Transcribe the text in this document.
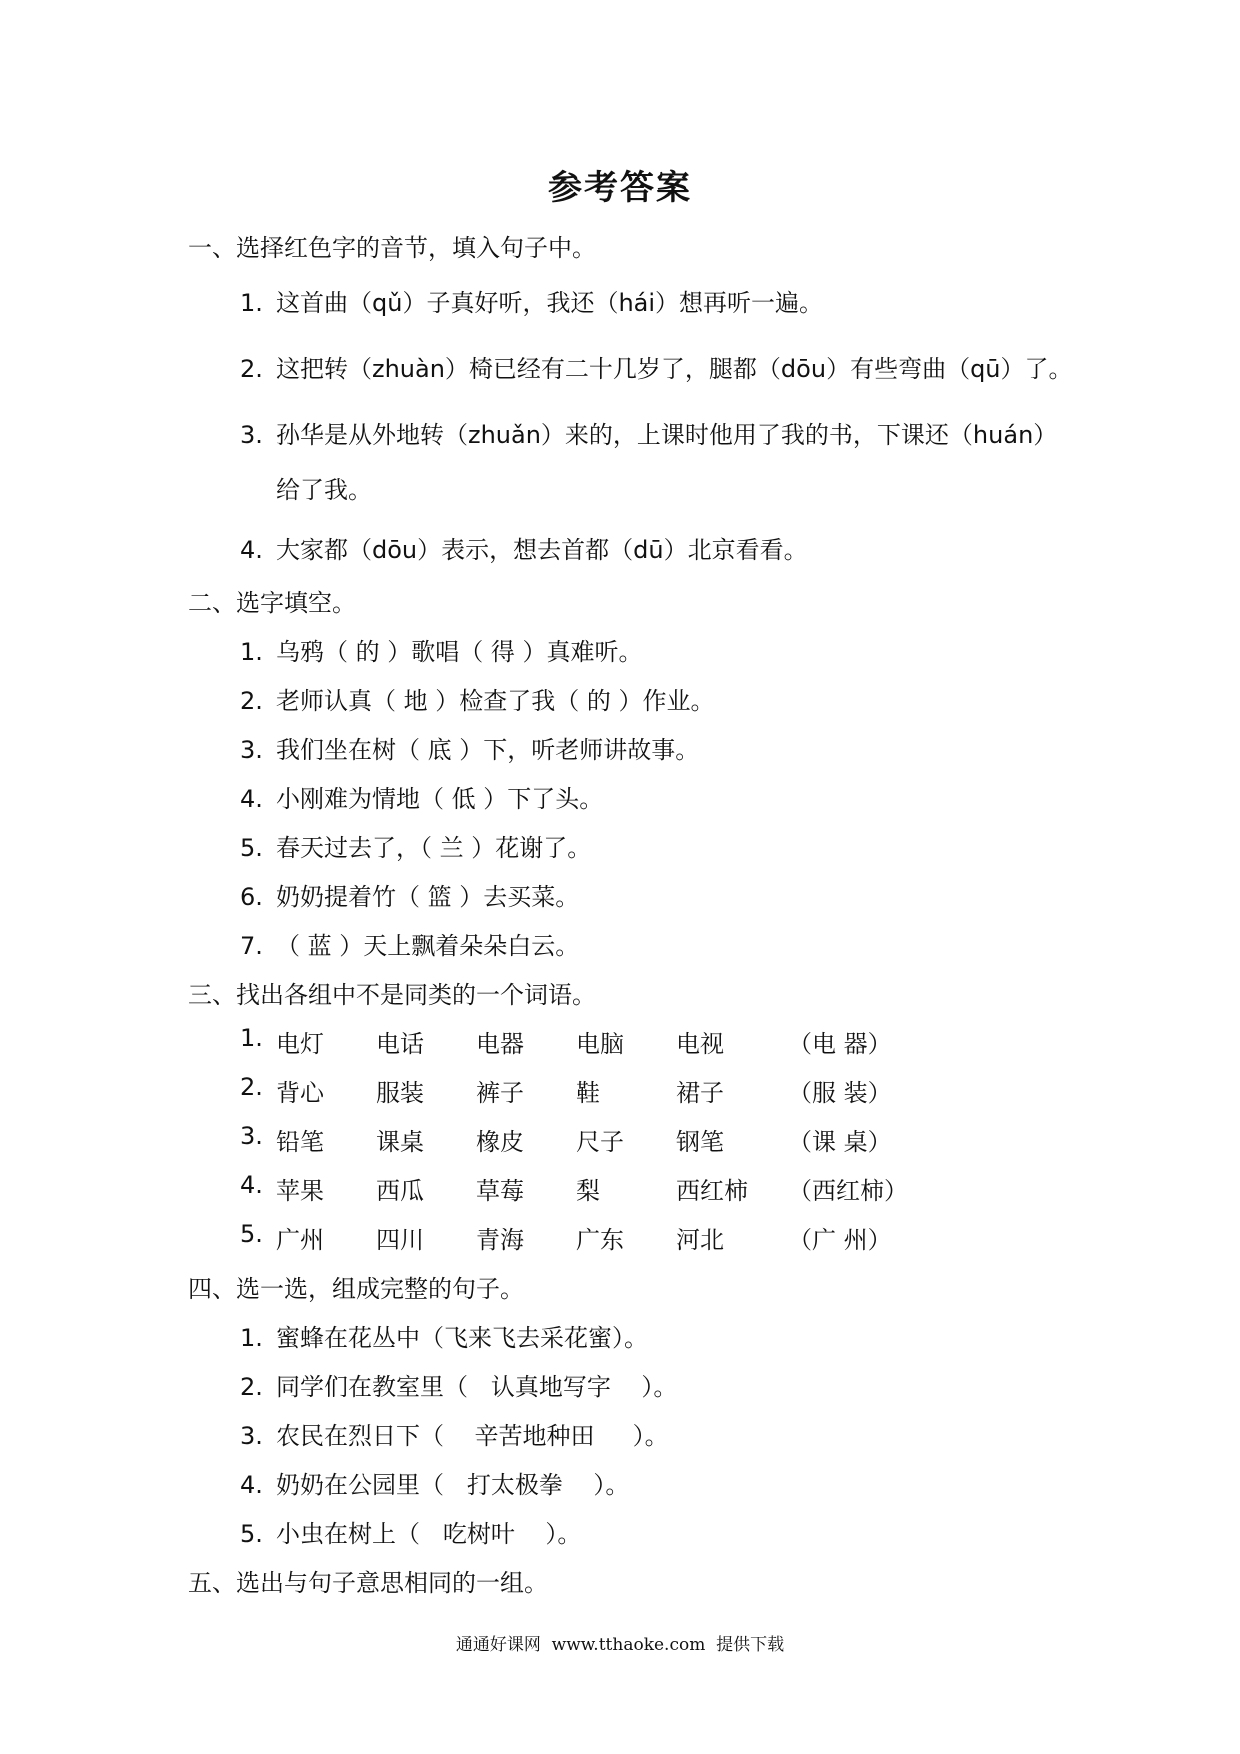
参考答案
一、选择红色字的音节，填入句子中。
1. 这首曲（qǔ）子真好听，我还（hái）想再听一遍。
2. 这把转（zhuàn）椅已经有二十几岁了，腿都（dōu）有些弯曲（qū）了。
3. 孙华是从外地转（zhuǎn）来的，上课时他用了我的书，下课还（huán）
给了我。
4. 大家都（dōu）表示，想去首都（dū）北京看看。
二、选字填空。
1. 乌鸦（ 的 ）歌唱（ 得 ）真难听。
2. 老师认真（ 地 ）检查了我（ 的 ）作业。
3. 我们坐在树（ 底 ）下，听老师讲故事。
4. 小刚难为情地（ 低 ）下了头。
5. 春天过去了，（ 兰 ）花谢了。
6. 奶奶提着竹（ 篮 ）去买菜。
7. （ 蓝 ）天上飘着朵朵白云。
三、找出各组中不是同类的一个词语。
1. 电灯 电话 电器 电脑 电视	（电 器）
2. 背心 服装 裤子 鞋	裙子	（服 装）
3. 铅笔 课桌 橡皮 尺子 钢笔	（课 桌）
4. 苹果 西瓜 草莓 梨	西红柿 （西红柿）
5. 广州 四川 青海 广东 河北	（广 州）
四、选一选，组成完整的句子。
1. 蜜蜂在花丛中（飞来飞去采花蜜）。
2. 同学们在教室里（   认真地写字    ）。
3. 农民在烈日下（    辛苦地种田     ）。
4. 奶奶在公园里（   打太极拳    ）。
5. 小虫在树上（   吃树叶    ）。
五、选出与句子意思相同的一组。
通通好课网  www.tthaoke.com  提供下载
